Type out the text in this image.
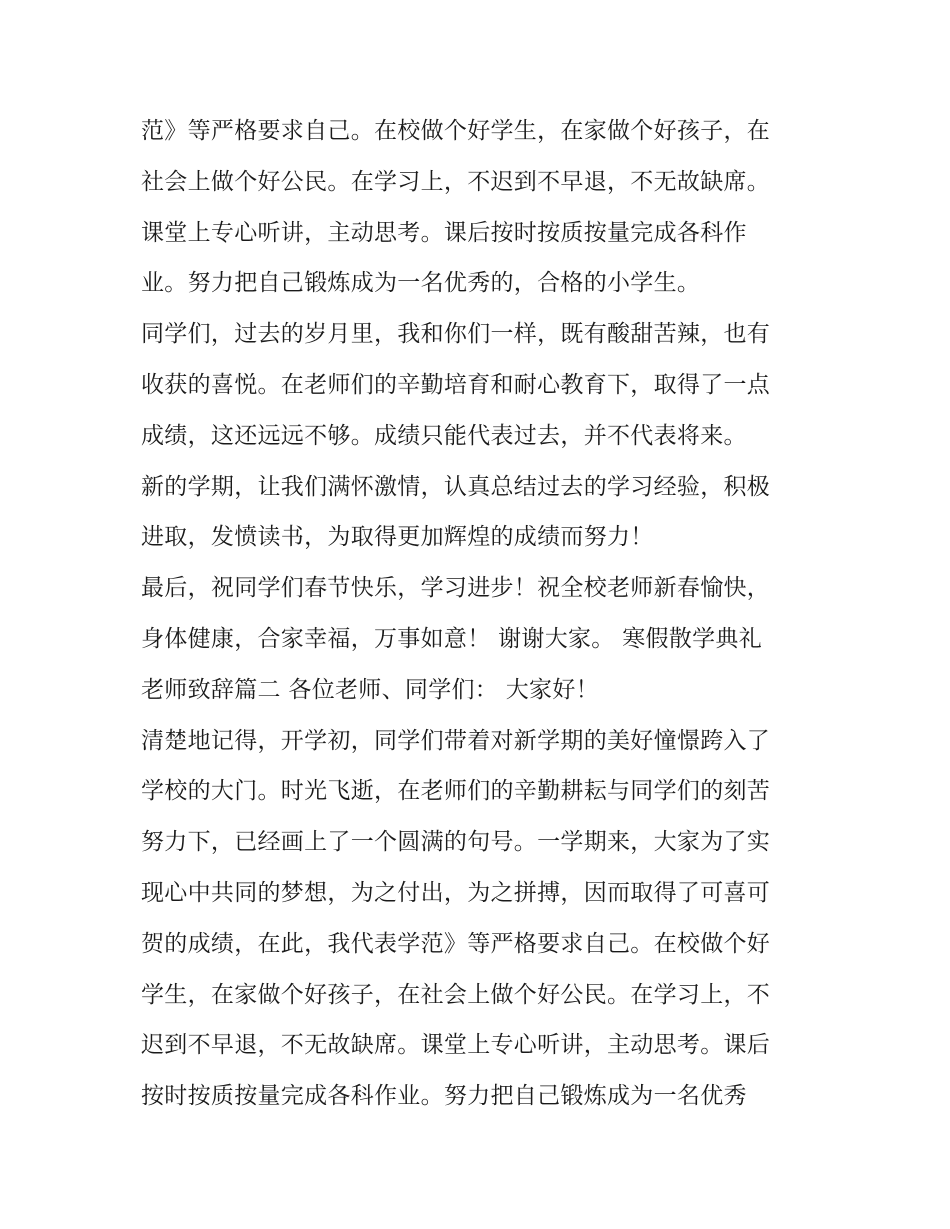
范》等严格要求自己。在校做个好学生，在家做个好孩子，在
社会上做个好公民。在学习上，不迟到不早退，不无故缺席。
课堂上专心听讲，主动思考。课后按时按质按量完成各科作
业。努力把自己锻炼成为一名优秀的，合格的小学生。
同学们，过去的岁月里，我和你们一样，既有酸甜苦辣，也有
收获的喜悦。在老师们的辛勤培育和耐心教育下，取得了一点
成绩，这还远远不够。成绩只能代表过去，并不代表将来。
新的学期，让我们满怀激情，认真总结过去的学习经验，积极
进取，发愤读书，为取得更加辉煌的成绩而努力！
最后，祝同学们春节快乐，学习进步！祝全校老师新春愉快，
身体健康，合家幸福，万事如意！ 谢谢大家。 寒假散学典礼
老师致辞篇二 各位老师、同学们： 大家好！
清楚地记得，开学初，同学们带着对新学期的美好憧憬跨入了
学校的大门。时光飞逝，在老师们的辛勤耕耘与同学们的刻苦
努力下，已经画上了一个圆满的句号。一学期来，大家为了实
现心中共同的梦想，为之付出，为之拼搏，因而取得了可喜可
贺的成绩，在此，我代表学范》等严格要求自己。在校做个好
学生，在家做个好孩子，在社会上做个好公民。在学习上，不
迟到不早退，不无故缺席。课堂上专心听讲，主动思考。课后
按时按质按量完成各科作业。努力把自己锻炼成为一名优秀
